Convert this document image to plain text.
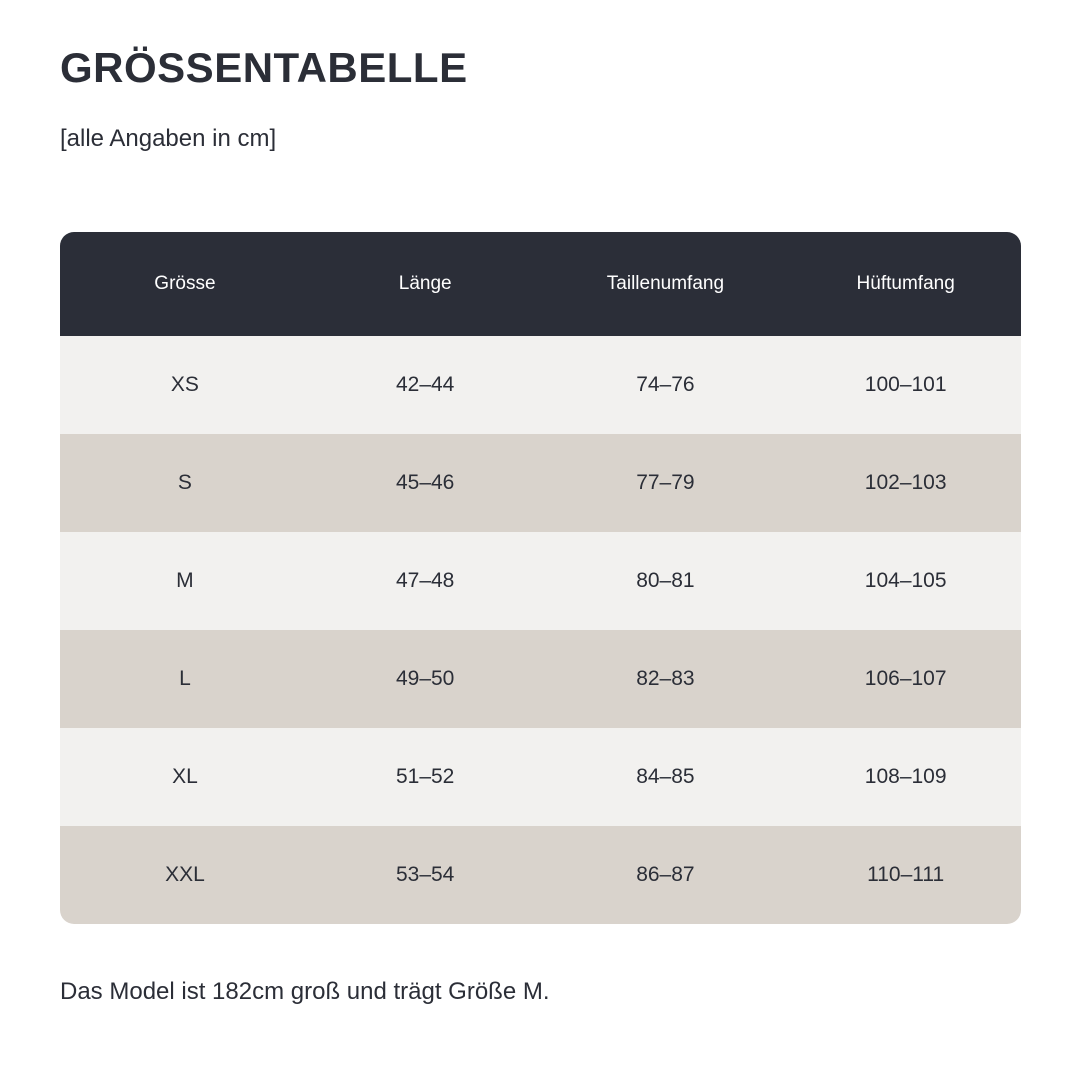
GRÖSSENTABELLE
[alle Angaben in cm]
Grösse	Länge	Taillenumfang	Hüftumfang
XS	42–44	74–76	100–101
S	45–46	77–79	102–103
M	47–48	80–81	104–105
L	49–50	82–83	106–107
XL	51–52	84–85	108–109
XXL	53–54	86–87	110–111
Das Model ist 182cm groß und trägt Größe M.
